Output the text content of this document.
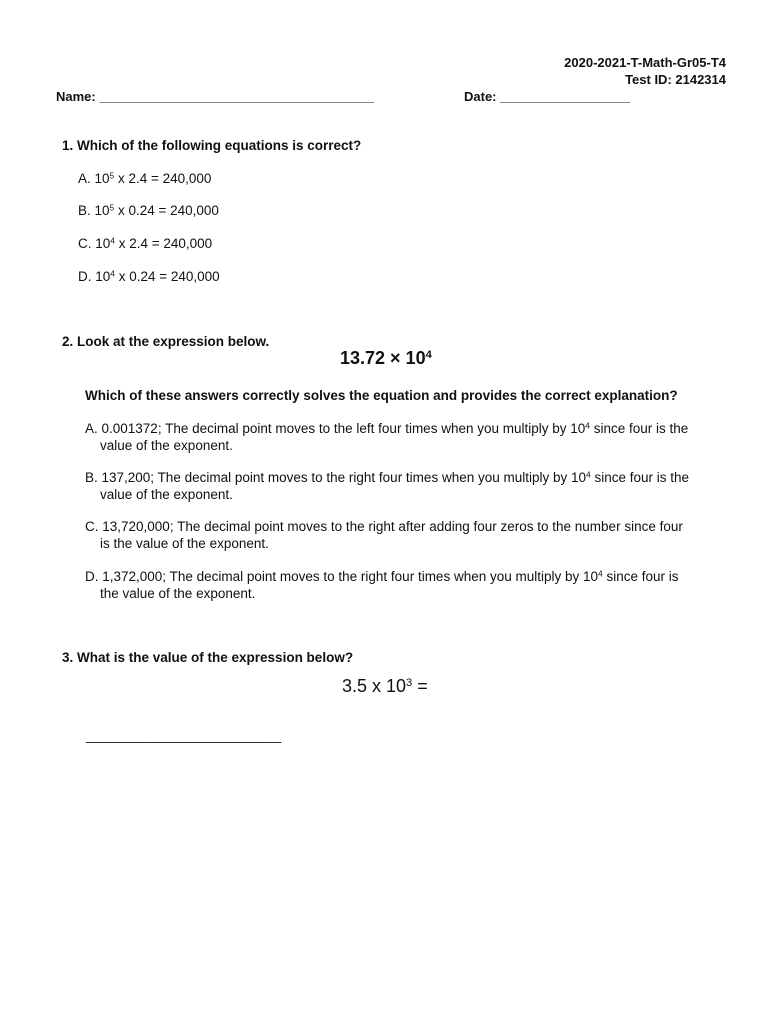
2020-2021-T-Math-Gr05-T4
Test ID: 2142314
Name: ______________________________________	Date: __________________
1. Which of the following equations is correct?
A. $10^5$ x 2.4 = 240,000
B. $10^5$ x 0.24 = 240,000
C. $10^4$ x 2.4 = 240,000
D. $10^4$ x 0.24 = 240,000
2. Look at the expression below.
$13.72 \times 10^4$
Which of these answers correctly solves the equation and provides the correct explanation?
A. 0.001372; The decimal point moves to the left four times when you multiply by $10^4$ since four is the
value of the exponent.
B. 137,200; The decimal point moves to the right four times when you multiply by $10^4$ since four is the
value of the exponent.
C. 13,720,000; The decimal point moves to the right after adding four zeros to the number since four
is the value of the exponent.
D. 1,372,000; The decimal point moves to the right four times when you multiply by $10^4$ since four is
the value of the exponent.
3. What is the value of the expression below?
3.5 x $10^3$ =
__________________________
